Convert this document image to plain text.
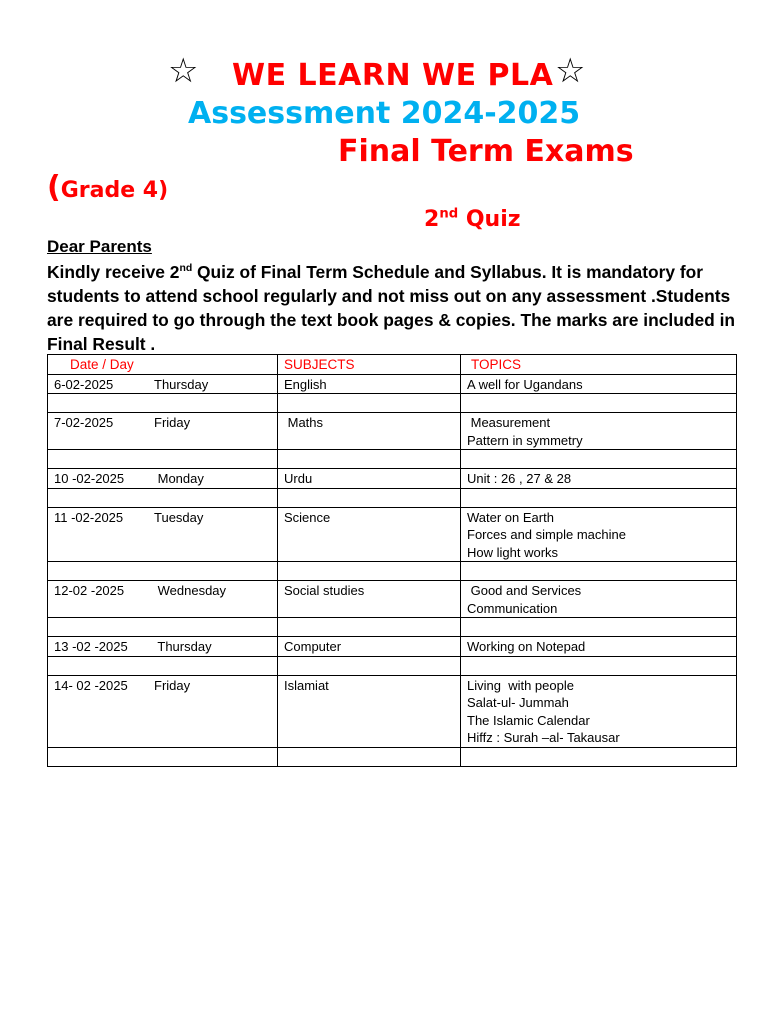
☆ WE LEARN WE PLA ☆
Assessment 2024-2025
Final Term Exams
(Grade 4)
2nd Quiz
Dear Parents
Kindly receive 2nd Quiz of Final Term Schedule and Syllabus. It is mandatory for students to attend school regularly and not miss out on any assessment .Students are required to go through the text book pages & copies. The marks are included in Final Result .
Date / Day	SUBJECTS	TOPICS
6-02-2025 Thursday	English	A well for Ugandans

7-02-2025 Friday	Maths	Measurement
Pattern in symmetry

10 -02-2025 Monday	Urdu	Unit : 26 , 27 & 28

11 -02-2025 Tuesday	Science	Water on Earth
Forces and simple machine
How light works

12-02 -2025 Wednesday	Social studies	Good and Services
Communication

13 -02 -2025 Thursday	Computer	Working on Notepad

14- 02 -2025 Friday	Islamiat	Living  with people
Salat-ul- Jummah
The Islamic Calendar
Hiffz : Surah –al- Takausar
